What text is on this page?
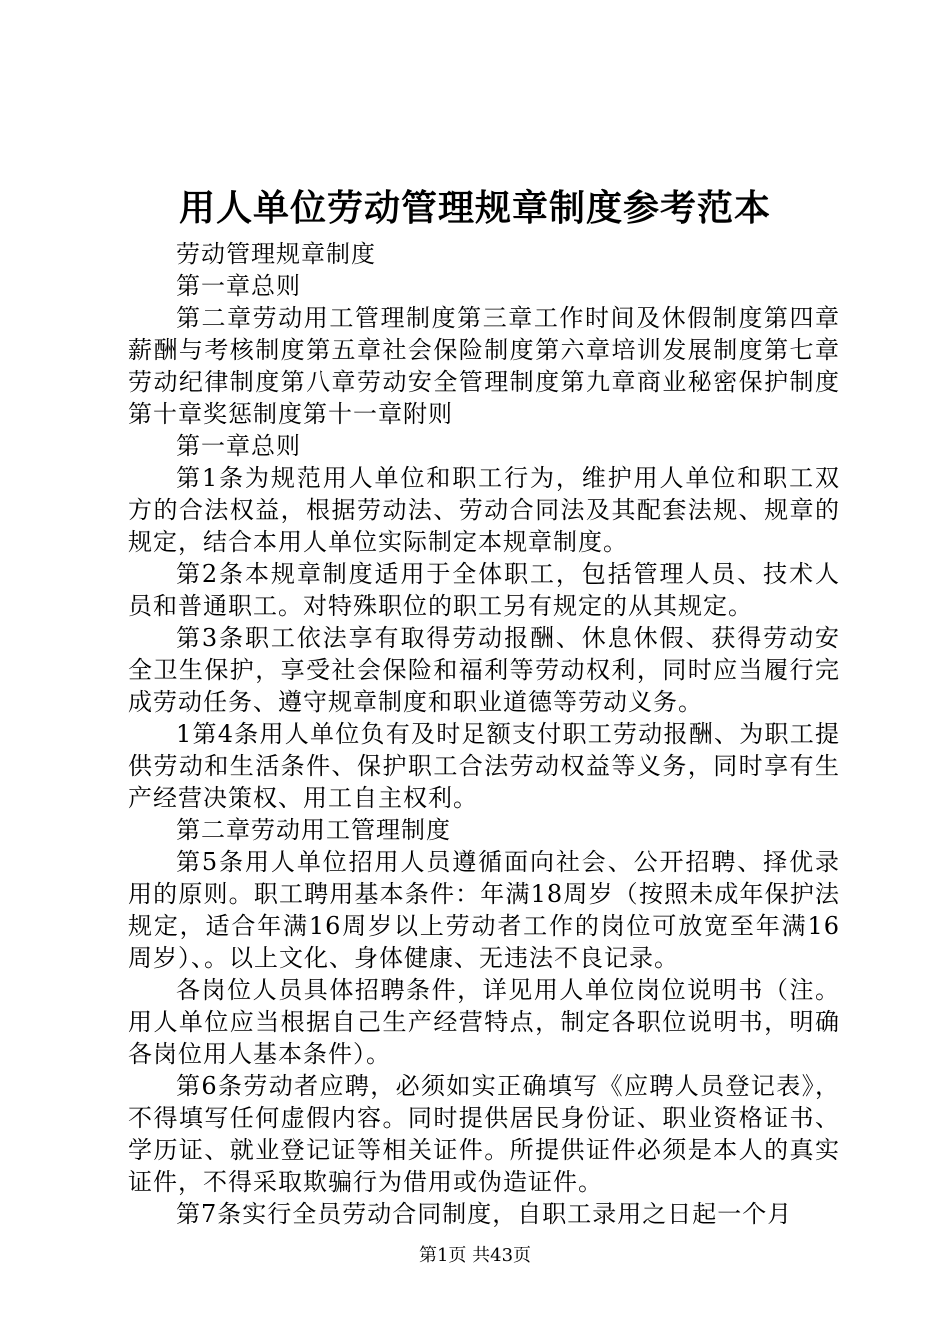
用人单位劳动管理规章制度参考范本

劳动管理规章制度

第一章总则

第二章劳动用工管理制度第三章工作时间及休假制度第四章薪酬与考核制度第五章社会保险制度第六章培训发展制度第七章劳动纪律制度第八章劳动安全管理制度第九章商业秘密保护制度第十章奖惩制度第十一章附则

第一章总则

第1条为规范用人单位和职工行为，维护用人单位和职工双方的合法权益，根据劳动法、劳动合同法及其配套法规、规章的规定，结合本用人单位实际制定本规章制度。

第2条本规章制度适用于全体职工，包括管理人员、技术人员和普通职工。对特殊职位的职工另有规定的从其规定。

第3条职工依法享有取得劳动报酬、休息休假、获得劳动安全卫生保护，享受社会保险和福利等劳动权利，同时应当履行完成劳动任务、遵守规章制度和职业道德等劳动义务。

1第4条用人单位负有及时足额支付职工劳动报酬、为职工提供劳动和生活条件、保护职工合法劳动权益等义务，同时享有生产经营决策权、用工自主权利。

第二章劳动用工管理制度

第5条用人单位招用人员遵循面向社会、公开招聘、择优录用的原则。职工聘用基本条件：年满18周岁（按照未成年保护法规定，适合年满16周岁以上劳动者工作的岗位可放宽至年满16周岁）、。以上文化、身体健康、无违法不良记录。

各岗位人员具体招聘条件，详见用人单位岗位说明书（注。用人单位应当根据自己生产经营特点，制定各职位说明书，明确各岗位用人基本条件）。

第6条劳动者应聘，必须如实正确填写《应聘人员登记表》，不得填写任何虚假内容。同时提供居民身份证、职业资格证书、学历证、就业登记证等相关证件。所提供证件必须是本人的真实证件，不得采取欺骗行为借用或伪造证件。

第7条实行全员劳动合同制度，自职工录用之日起一个月

第1页 共43页
